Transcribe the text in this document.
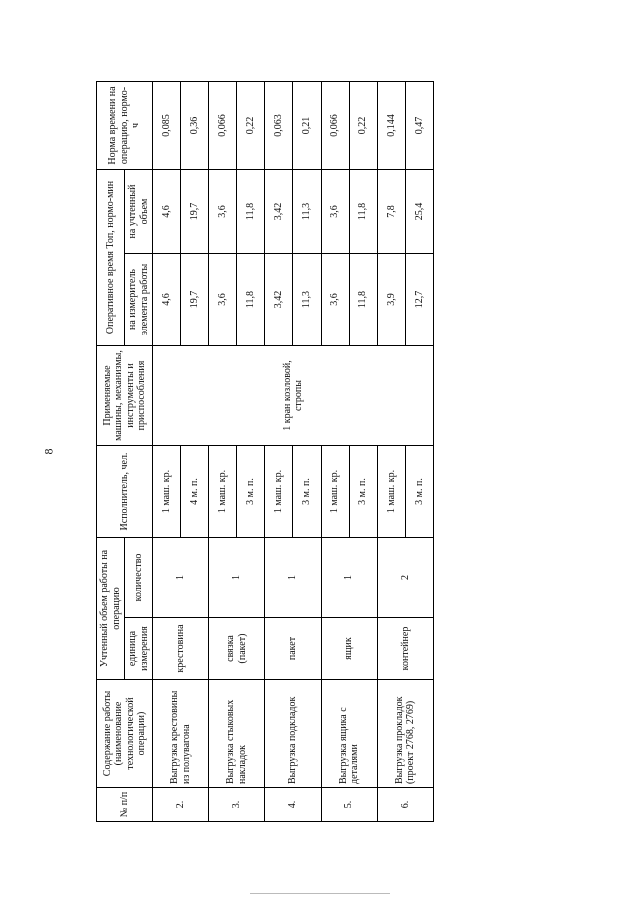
8
№ п/п	Содержание работы (наименование технологической операции)	Учтенный объем работы на операцию		Исполнитель, чел.	Применяемые машины, механизмы, инструменты и приспособления	Оперативное время Топ, нормо-мин		Норма времени на операцию, нормо-ч
		единица измерения	количество			на измеритель элемента работы	на учтенный объем	
2.	Выгрузка крестовины из полувагона	крестовина	1	1 маш. кр.	1 кран козловой, стропы	4,6	4,6	0,085
				4 м. п.		19,7	19,7	0,36
3.	Выгрузка стыковых накладок	связка (пакет)	1	1 маш. кр.		3,6	3,6	0,066
				3 м. п.		11,8	11,8	0,22
4.	Выгрузка подкладок	пакет	1	1 маш. кр.		3,42	3,42	0,063
				3 м. п.		11,3	11,3	0,21
5.	Выгрузка ящика с деталями	ящик	1	1 маш. кр.		3,6	3,6	0,066
				3 м. п.		11,8	11,8	0,22
6.	Выгрузка прокладок (проект 2768, 2769)	контейнер	2	1 маш. кр.		3,9	7,8	0,144
				3 м. п.		12,7	25,4	0,47
